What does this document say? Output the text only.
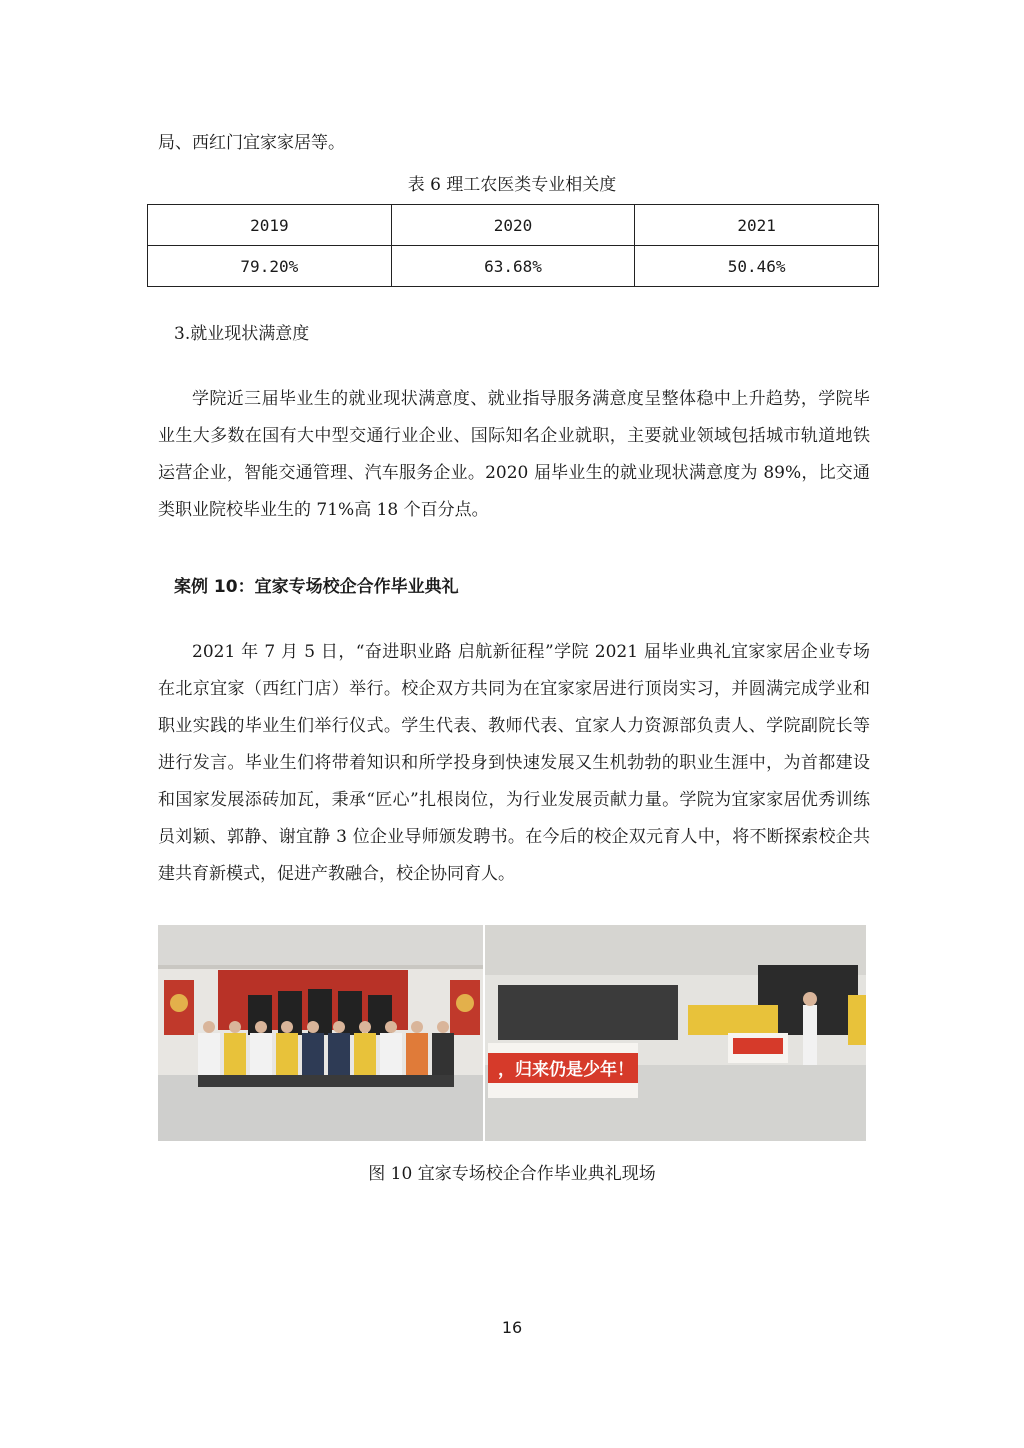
局、西红门宜家家居等。
表 6 理工农医类专业相关度
2019	2020	2021
79.20%	63.68%	50.46%
3.就业现状满意度
学院近三届毕业生的就业现状满意度、就业指导服务满意度呈整体稳中上升趋势，学院毕业生大多数在国有大中型交通行业企业、国际知名企业就职，主要就业领域包括城市轨道地铁运营企业，智能交通管理、汽车服务企业。2020 届毕业生的就业现状满意度为 89%，比交通类职业院校毕业生的 71%高 18 个百分点。
案例 10：宜家专场校企合作毕业典礼
2021 年 7 月 5 日，“奋进职业路 启航新征程”学院 2021 届毕业典礼宜家家居企业专场在北京宜家（西红门店）举行。校企双方共同为在宜家家居进行顶岗实习，并圆满完成学业和职业实践的毕业生们举行仪式。学生代表、教师代表、宜家人力资源部负责人、学院副院长等进行发言。毕业生们将带着知识和所学投身到快速发展又生机勃勃的职业生涯中，为首都建设和国家发展添砖加瓦，秉承“匠心”扎根岗位，为行业发展贡献力量。学院为宜家家居优秀训练员刘颖、郭静、谢宜静 3 位企业导师颁发聘书。在今后的校企双元育人中，将不断探索校企共建共育新模式，促进产教融合，校企协同育人。
，归来仍是少年！
图 10 宜家专场校企合作毕业典礼现场
16
